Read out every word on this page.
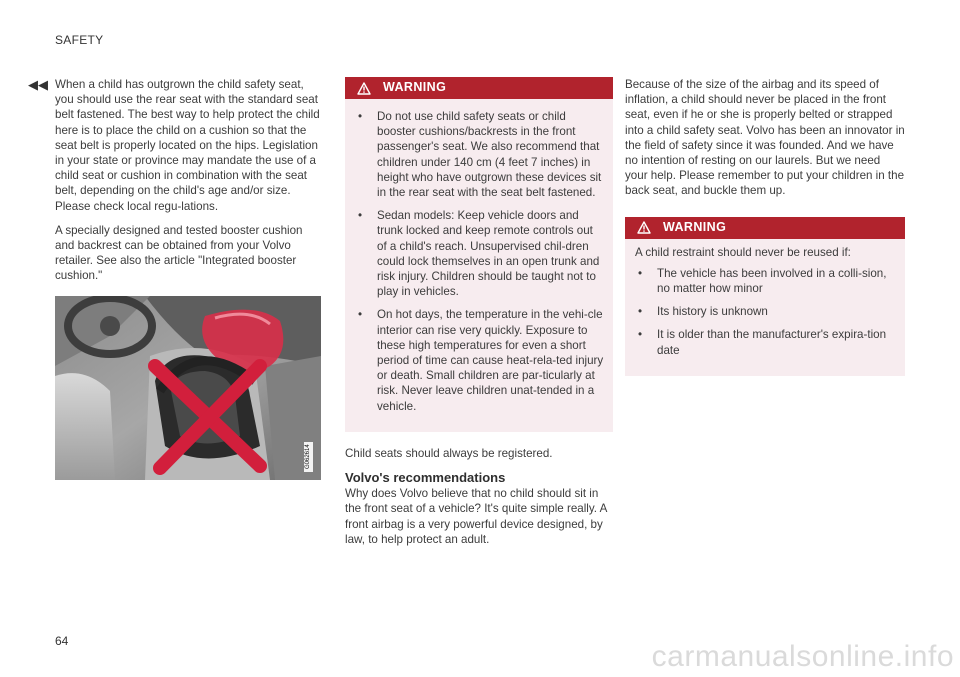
SAFETY
◀◀ When a child has outgrown the child safety seat, you should use the rear seat with the standard seat belt fastened. The best way to help protect the child here is to place the child on a cushion so that the seat belt is properly located on the hips. Legislation in your state or province may mandate the use of a child seat or cushion in combination with the seat belt, depending on the child's age and/or size. Please check local regu-lations.

A specially designed and tested booster cushion and backrest can be obtained from your Volvo retailer. See also the article "Integrated booster cushion."

G062614
WARNING
• Do not use child safety seats or child booster cushions/backrests in the front passenger's seat. We also recommend that children under 140 cm (4 feet 7 inches) in height who have outgrown these devices sit in the rear seat with the seat belt fastened.
• Sedan models: Keep vehicle doors and trunk locked and keep remote controls out of a child's reach. Unsupervised chil-dren could lock themselves in an open trunk and risk injury. Children should be taught not to play in vehicles.
• On hot days, the temperature in the vehi-cle interior can rise very quickly. Exposure to these high temperatures for even a short period of time can cause heat-rela-ted injury or death. Small children are par-ticularly at risk. Never leave children unat-tended in a vehicle.

Child seats should always be registered.

Volvo's recommendations

Why does Volvo believe that no child should sit in the front seat of a vehicle? It's quite simple really. A front airbag is a very powerful device designed, by law, to help protect an adult.

Because of the size of the airbag and its speed of inflation, a child should never be placed in the front seat, even if he or she is properly belted or strapped into a child safety seat. Volvo has been an innovator in the field of safety since it was founded. And we have no intention of resting on our laurels. But we need your help. Please remember to put your children in the back seat, and buckle them up.

WARNING
A child restraint should never be reused if:
• The vehicle has been involved in a colli-sion, no matter how minor
• Its history is unknown
• It is older than the manufacturer's expira-tion date
64	carmanualsonline.info
